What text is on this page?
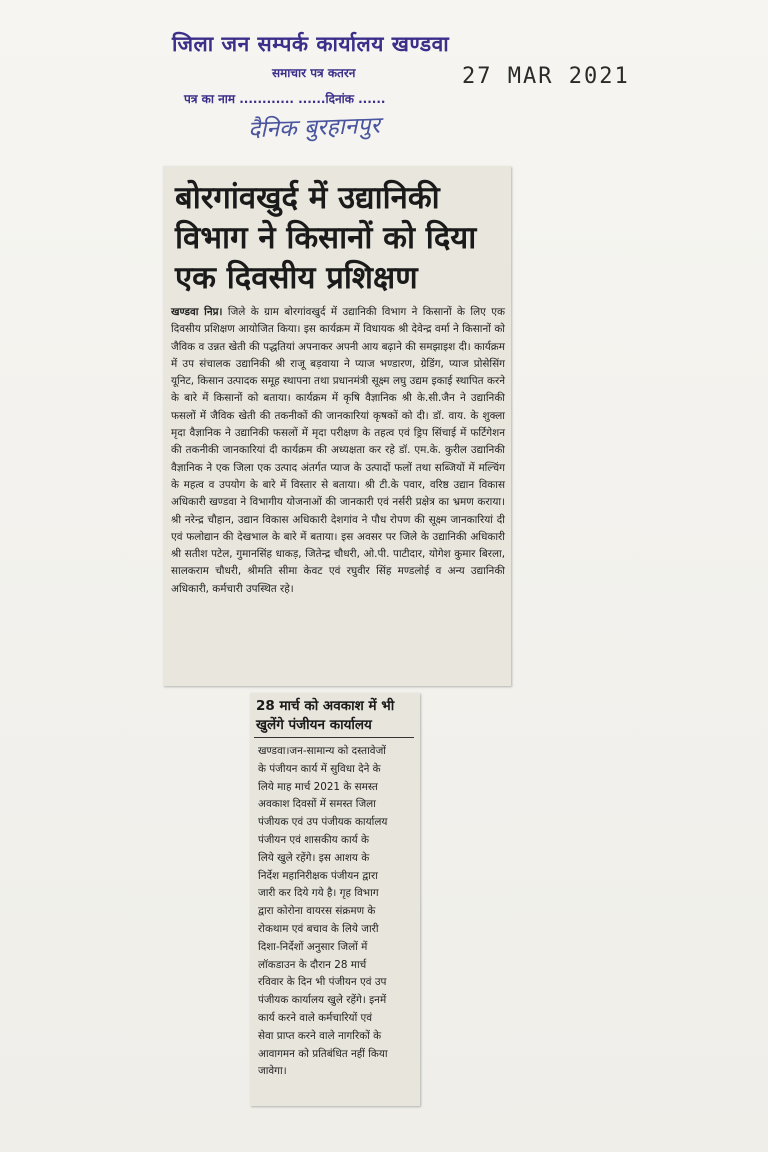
जिला जन सम्पर्क कार्यालय खण्डवा
समाचार पत्र कतरन	27 MAR 2021
पत्र का नाम ............ ......दिनांक ......
दैनिक बुरहानपुर
बोरगांवखुर्द में उद्यानिकी विभाग ने किसानों को दिया एक दिवसीय प्रशिक्षण
खण्डवा निप्र। जिले के ग्राम बोरगांवखुर्द में उद्यानिकी विभाग ने किसानों के लिए एक दिवसीय प्रशिक्षण आयोजित किया। इस कार्यक्रम में विधायक श्री देवेन्द्र वर्मा ने किसानों को जैविक व उन्नत खेती की पद्धतियां अपनाकर अपनी आय बढ़ाने की समझाइश दी। कार्यक्रम में उप संचालक उद्यानिकी श्री राजू बड़वाया ने प्याज भण्डारण, ग्रेडिंग, प्याज प्रोसेसिंग यूनिट, किसान उत्पादक समूह स्थापना तथा प्रधानमंत्री सूक्ष्म लघु उद्यम इकाई स्थापित करने के बारे में किसानों को बताया। कार्यक्रम में कृषि वैज्ञानिक श्री के.सी.जैन ने उद्यानिकी फसलों में जैविक खेती की तकनीकों की जानकारियां कृषकों को दी। डॉ. वाय. के शुक्ला मृदा वैज्ञानिक ने उद्यानिकी फसलों में मृदा परीक्षण के तहत्व एवं ड्रिप सिंचाई में फर्टिगेशन की तकनीकी जानकारियां दी कार्यक्रम की अध्यक्षता कर रहे डॉ. एम.के. कुरील उद्यानिकी वैज्ञानिक ने एक जिला एक उत्पाद अंतर्गत प्याज के उत्पादों फलों तथा सब्जियों में मल्चिंग के महत्व व उपयोग के बारे में विस्तार से बताया। श्री टी.के पवार, वरिष्ठ उद्यान विकास अधिकारी खण्डवा ने विभागीय योजनाओं की जानकारी एवं नर्सरी प्रक्षेत्र का भ्रमण कराया। श्री नरेन्द्र चौहान, उद्यान विकास अधिकारी देशगांव ने पौध रोपण की सूक्ष्म जानकारियां दी एवं फलोद्यान की देखभाल के बारे में बताया। इस अवसर पर जिले के उद्यानिकी अधिकारी श्री सतीश पटेल, गुमानसिंह धाकड़, जितेन्द्र चौधरी, ओ.पी. पाटीदार, योगेश कुमार बिरला, सालकराम चौधरी, श्रीमति सीमा केवट एवं रघुवीर सिंह मण्डलोई व अन्य उद्यानिकी अधिकारी, कर्मचारी उपस्थित रहे।
28 मार्च को अवकाश में भी खुलेंगे पंजीयन कार्यालय
खण्डवा।जन-सामान्य को दस्तावेजों के पंजीयन कार्य में सुविधा देने के लिये माह मार्च 2021 के समस्त अवकाश दिवसों में समस्त जिला पंजीयक एवं उप पंजीयक कार्यालय पंजीयन एवं शासकीय कार्य के लिये खुले रहेंगे। इस आशय के निर्देश महानिरीक्षक पंजीयन द्वारा जारी कर दिये गये है। गृह विभाग द्वारा कोरोना वायरस संक्रमण के रोकथाम एवं बचाव के लिये जारी दिशा-निर्देशों अनुसार जिलों में लॉकडाउन के दौरान 28 मार्च रविवार के दिन भी पंजीयन एवं उप पंजीयक कार्यालय खुले रहेंगे। इनमें कार्य करने वाले कर्मचारियों एवं सेवा प्राप्त करने वाले नागरिकों के आवागमन को प्रतिबंधित नहीं किया जावेगा।
